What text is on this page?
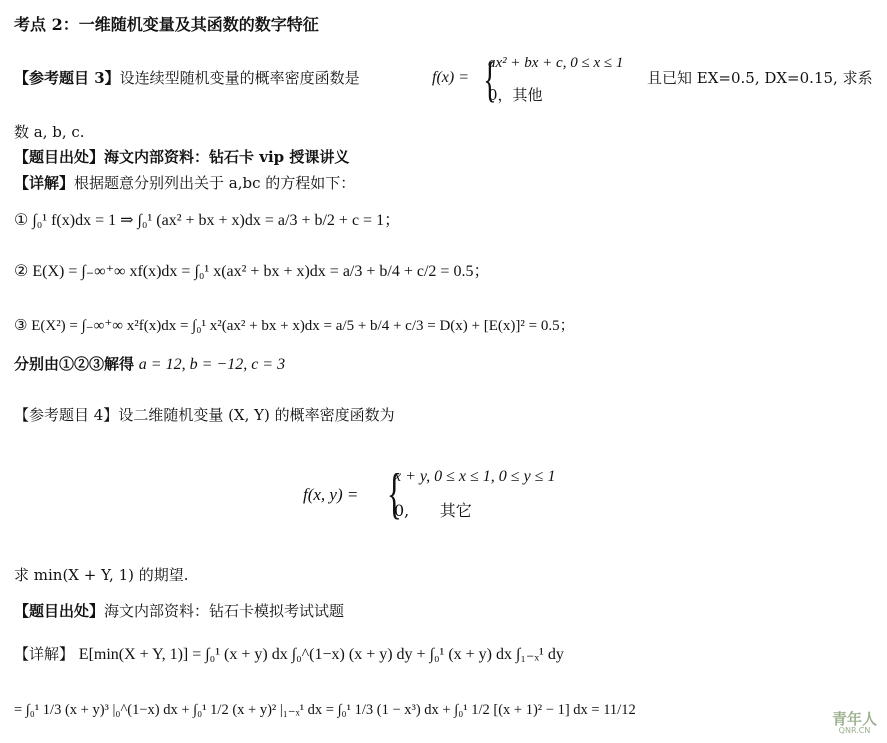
考点 2：一维随机变量及其函数的数字特征
【参考题目 3】设连续型随机变量的概率密度函数是	f(x) = {
ax² + bx + c, 0 ≤ x ≤ 1
0，其他
且已知 EX=0.5, DX=0.15, 求系
数 a, b, c.
【题目出处】海文内部资料：钻石卡 vip 授课讲义
【详解】根据题意分别列出关于 a,bc 的方程如下：
① ∫₀¹ f(x)dx = 1 ⇒ ∫₀¹ (ax² + bx + x)dx = a/3 + b/2 + c = 1；
② E(X) = ∫₋∞⁺∞ xf(x)dx = ∫₀¹ x(ax² + bx + x)dx = a/3 + b/4 + c/2 = 0.5；
③ E(X²) = ∫₋∞⁺∞ x²f(x)dx = ∫₀¹ x²(ax² + bx + x)dx = a/5 + b/4 + c/3 = D(x) + [E(x)]² = 0.5；
分别由①②③解得 a = 12, b = −12, c = 3
【参考题目 4】设二维随机变量 (X, Y) 的概率密度函数为
f(x, y) = {
x + y, 0 ≤ x ≤ 1, 0 ≤ y ≤ 1
0,      其它
求 min(X + Y, 1) 的期望.
【题目出处】海文内部资料：钻石卡模拟考试试题
【详解】 E[min(X + Y, 1)] = ∫₀¹ (x + y) dx ∫₀^(1−x) (x + y) dy + ∫₀¹ (x + y) dx ∫₁₋ₓ¹ dy
= ∫₀¹ 1/3 (x + y)³ |₀^(1−x) dx + ∫₀¹ 1/2 (x + y)² |₁₋ₓ¹ dx = ∫₀¹ 1/3 (1 − x³) dx + ∫₀¹ 1/2 [(x + 1)² − 1] dx = 11/12	青年人
QNR.CN
